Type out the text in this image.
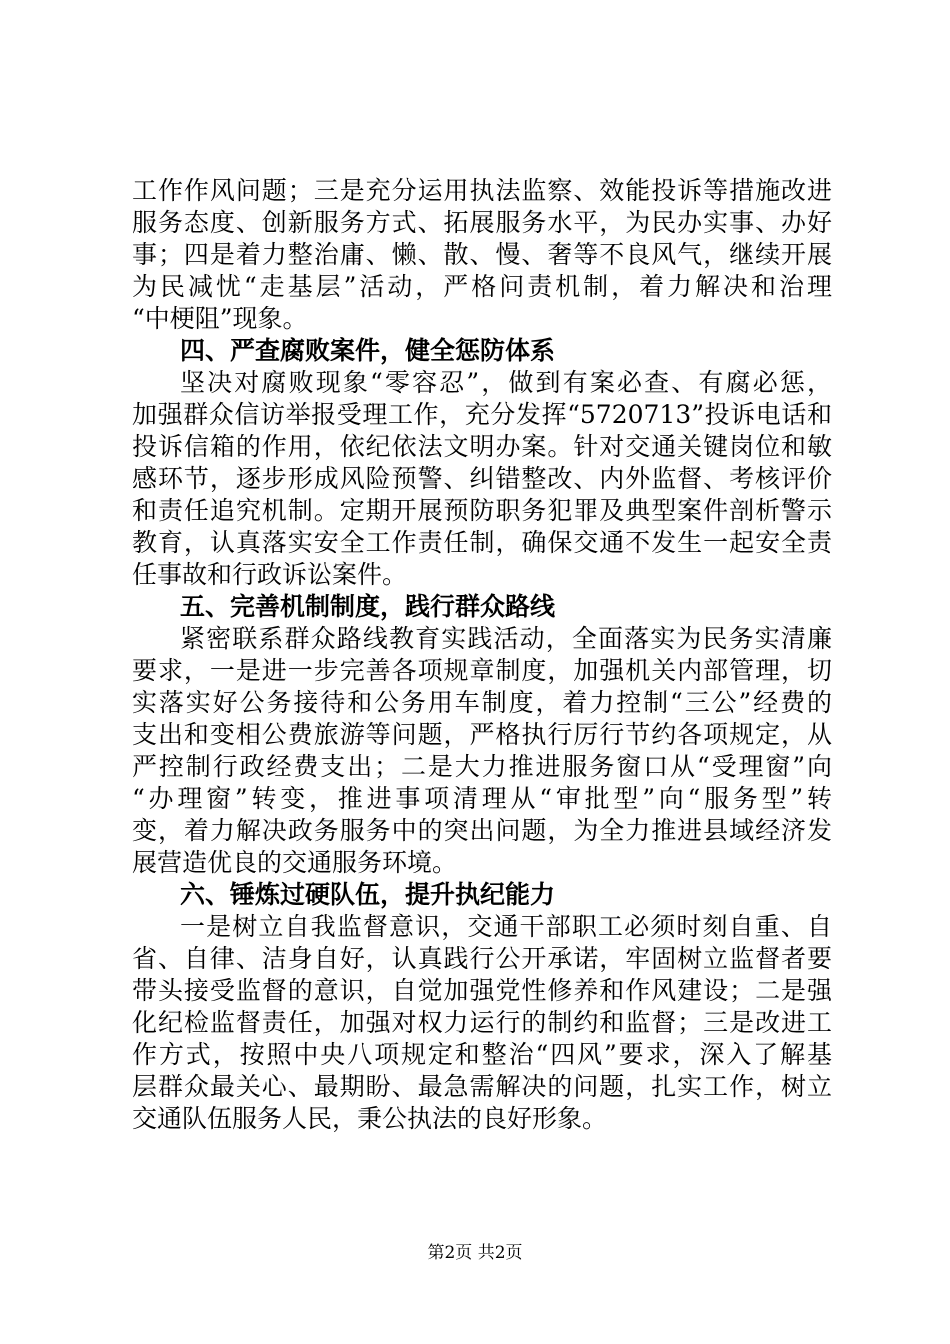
工作作风问题；三是充分运用执法监察、效能投诉等措施改进
服务态度、创新服务方式、拓展服务水平，为民办实事、办好
事；四是着力整治庸、懒、散、慢、奢等不良风气，继续开展
为民减忧“走基层”活动，严格问责机制，着力解决和治理
“中梗阻”现象。
四、严查腐败案件，健全惩防体系
坚决对腐败现象“零容忍”，做到有案必查、有腐必惩，
加强群众信访举报受理工作，充分发挥“5720713”投诉电话和
投诉信箱的作用，依纪依法文明办案。针对交通关键岗位和敏
感环节，逐步形成风险预警、纠错整改、内外监督、考核评价
和责任追究机制。定期开展预防职务犯罪及典型案件剖析警示
教育，认真落实安全工作责任制，确保交通不发生一起安全责
任事故和行政诉讼案件。
五、完善机制制度，践行群众路线
紧密联系群众路线教育实践活动，全面落实为民务实清廉
要求，一是进一步完善各项规章制度，加强机关内部管理，切
实落实好公务接待和公务用车制度，着力控制“三公”经费的
支出和变相公费旅游等问题，严格执行厉行节约各项规定，从
严控制行政经费支出；二是大力推进服务窗口从“受理窗”向
“办理窗”转变，推进事项清理从“审批型”向“服务型”转
变，着力解决政务服务中的突出问题，为全力推进县域经济发
展营造优良的交通服务环境。
六、锤炼过硬队伍，提升执纪能力
一是树立自我监督意识，交通干部职工必须时刻自重、自
省、自律、洁身自好，认真践行公开承诺，牢固树立监督者要
带头接受监督的意识，自觉加强党性修养和作风建设；二是强
化纪检监督责任，加强对权力运行的制约和监督；三是改进工
作方式，按照中央八项规定和整治“四风”要求，深入了解基
层群众最关心、最期盼、最急需解决的问题，扎实工作，树立
交通队伍服务人民，秉公执法的良好形象。
第2页 共2页
